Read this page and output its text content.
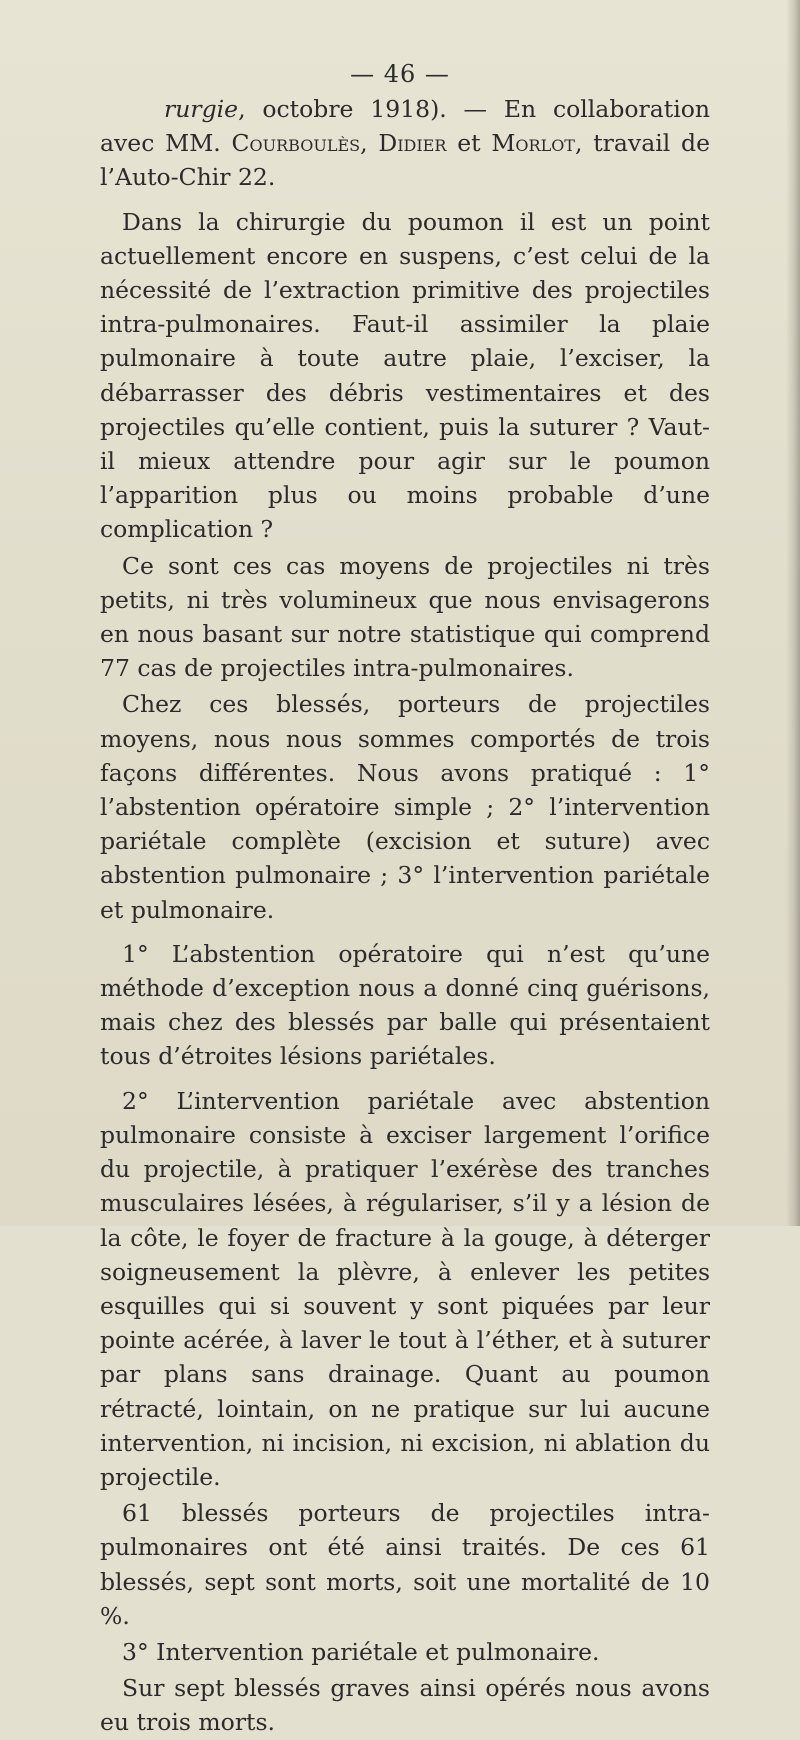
— 46 —

rurgie, octobre 1918). — En collaboration avec MM. Courboulès, Didier et Morlot, travail de l’Auto-Chir 22.

Dans la chirurgie du poumon il est un point actuellement encore en suspens, c’est celui de la nécessité de l’extraction primitive des projectiles intra-pulmonaires. Faut-il assimiler la plaie pulmonaire à toute autre plaie, l’exciser, la débarrasser des débris vestimentaires et des projectiles qu’elle contient, puis la suturer ? Vaut-il mieux attendre pour agir sur le poumon l’apparition plus ou moins probable d’une complication ?

Ce sont ces cas moyens de projectiles ni très petits, ni très volumineux que nous envisagerons en nous basant sur notre statistique qui comprend 77 cas de projectiles intra-pulmonaires.

Chez ces blessés, porteurs de projectiles moyens, nous nous sommes comportés de trois façons différentes. Nous avons pratiqué : 1° l’abstention opératoire simple ; 2° l’intervention pariétale complète (excision et suture) avec abstention pulmonaire ; 3° l’intervention pariétale et pulmonaire.

1° L’abstention opératoire qui n’est qu’une méthode d’exception nous a donné cinq guérisons, mais chez des blessés par balle qui présentaient tous d’étroites lésions pariétales.

2° L’intervention pariétale avec abstention pulmonaire consiste à exciser largement l’orifice du projectile, à pratiquer l’exérèse des tranches musculaires lésées, à régulariser, s’il y a lésion de la côte, le foyer de fracture à la gouge, à déterger soigneusement la plèvre, à enlever les petites esquilles qui si souvent y sont piquées par leur pointe acérée, à laver le tout à l’éther, et à suturer par plans sans drainage. Quant au poumon rétracté, lointain, on ne pratique sur lui aucune intervention, ni incision, ni excision, ni ablation du projectile.

61 blessés porteurs de projectiles intra-pulmonaires ont été ainsi traités. De ces 61 blessés, sept sont morts, soit une mortalité de 10 %.

3° Intervention pariétale et pulmonaire.

Sur sept blessés graves ainsi opérés nous avons eu trois morts.
